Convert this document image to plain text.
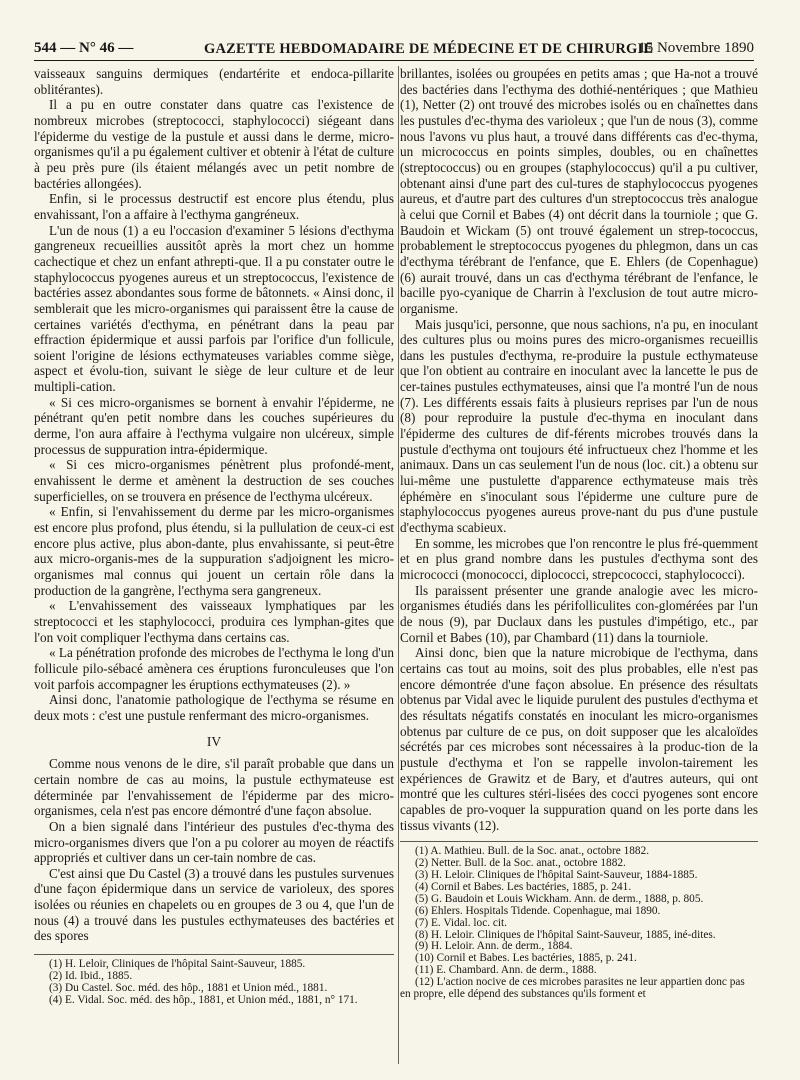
544 — N° 46 —	GAZETTE HEBDOMADAIRE DE MÉDECINE ET DE CHIRURGIE
15 Novembre 1890

vaisseaux sanguins dermiques (endartérite et endoca-pillarite oblitérantes).

Il a pu en outre constater dans quatre cas l'existence de nombreux microbes (streptococci, staphylococci) siégeant dans l'épiderme du vestige de la pustule et aussi dans le derme, micro-organismes qu'il a pu également cultiver et obtenir à l'état de culture à peu près pure (ils étaient mélangés avec un petit nombre de bactéries allongées).

Enfin, si le processus destructif est encore plus étendu, plus envahissant, l'on a affaire à l'ecthyma gangréneux.

L'un de nous (1) a eu l'occasion d'examiner 5 lésions d'ecthyma gangreneux recueillies aussitôt après la mort chez un homme cachectique et chez un enfant athrepti-que. Il a pu constater outre le staphylococcus pyogenes aureus et un streptococcus, l'existence de bactéries assez abondantes sous forme de bâtonnets. « Ainsi donc, il semblerait que les micro-organismes qui paraissent être la cause de certaines variétés d'ecthyma, en pénétrant dans la peau par effraction épidermique et aussi parfois par l'orifice d'un follicule, soient l'origine de lésions ecthymateuses variables comme siège, aspect et évolu-tion, suivant le siège de leur culture et de leur multipli-cation.

« Si ces micro-organismes se bornent à envahir l'épiderme, ne pénétrant qu'en petit nombre dans les couches supérieures du derme, l'on aura affaire à l'ecthyma vulgaire non ulcéreux, simple processus de suppuration intra-épidermique.

« Si ces micro-organismes pénètrent plus profondé-ment, envahissent le derme et amènent la destruction de ses couches superficielles, on se trouvera en présence de l'ecthyma ulcéreux.

« Enfin, si l'envahissement du derme par les micro-organismes est encore plus profond, plus étendu, si la pullulation de ceux-ci est encore plus active, plus abon-dante, plus envahissante, si peut-être aux micro-organis-mes de la suppuration s'adjoignent les micro-organismes mal connus qui jouent un certain rôle dans la production de la gangrène, l'ecthyma sera gangreneux.

« L'envahissement des vaisseaux lymphatiques par les streptococci et les staphylococci, produira ces lymphan-gites que l'on voit compliquer l'ecthyma dans certains cas.

« La pénétration profonde des microbes de l'ecthyma le long d'un follicule pilo-sébacé amènera ces éruptions furonculeuses que l'on voit parfois accompagner les éruptions ecthymateuses (2). »

Ainsi donc, l'anatomie pathologique de l'ecthyma se résume en deux mots : c'est une pustule renfermant des micro-organismes.

IV

Comme nous venons de le dire, s'il paraît probable que dans un certain nombre de cas au moins, la pustule ecthymateuse est déterminée par l'envahissement de l'épiderme par des micro-organismes, cela n'est pas encore démontré d'une façon absolue.

On a bien signalé dans l'intérieur des pustules d'ec-thyma des micro-organismes divers que l'on a pu colorer au moyen de réactifs appropriés et cultiver dans un cer-tain nombre de cas.

C'est ainsi que Du Castel (3) a trouvé dans les pustules survenues d'une façon épidermique dans un service de varioleux, des spores isolées ou réunies en chapelets ou en groupes de 3 ou 4, que l'un de nous (4) a trouvé dans les pustules ecthymateuses des bactéries et des spores

(1) H. Leloir, Cliniques de l'hôpital Saint-Sauveur, 1885.

(2) Id. Ibid., 1885.

(3) Du Castel. Soc. méd. des hôp., 1881 et Union méd., 1881.

(4) E. Vidal. Soc. méd. des hôp., 1881, et Union méd., 1881, n° 171.

brillantes, isolées ou groupées en petits amas ; que Ha-not a trouvé des bactéries dans l'ecthyma des dothié-nentériques ; que Mathieu (1), Netter (2) ont trouvé des microbes isolés ou en chaînettes dans les pustules d'ec-thyma des varioleux ; que l'un de nous (3), comme nous l'avons vu plus haut, a trouvé dans différents cas d'ec-thyma, un micrococcus en points simples, doubles, ou en chaînettes (streptococcus) ou en groupes (staphylococcus) qu'il a pu cultiver, obtenant ainsi d'une part des cul-tures de staphylococcus pyogenes aureus, et d'autre part des cultures d'un streptococcus très analogue à celui que Cornil et Babes (4) ont décrit dans la tourniole ; que G. Baudoin et Wickam (5) ont trouvé également un strep-tococcus, probablement le streptococcus pyogenes du phlegmon, dans un cas d'ecthyma térébrant de l'enfance, que E. Ehlers (de Copenhague) (6) aurait trouvé, dans un cas d'ecthyma térébrant de l'enfance, le bacille pyo-cyanique de Charrin à l'exclusion de tout autre micro-organisme.

Mais jusqu'ici, personne, que nous sachions, n'a pu, en inoculant des cultures plus ou moins pures des micro-organismes recueillis dans les pustules d'ecthyma, re-produire la pustule ecthymateuse que l'on obtient au contraire en inoculant avec la lancette le pus de cer-taines pustules ecthymateuses, ainsi que l'a montré l'un de nous (7). Les différents essais faits à plusieurs reprises par l'un de nous (8) pour reproduire la pustule d'ec-thyma en inoculant dans l'épiderme des cultures de dif-férents microbes trouvés dans la pustule d'ecthyma ont toujours été infructueux chez l'homme et les animaux. Dans un cas seulement l'un de nous (loc. cit.) a obtenu sur lui-même une pustulette d'apparence ecthymateuse mais très éphémère en s'inoculant sous l'épiderme une culture pure de staphylococcus pyogenes aureus prove-nant du pus d'une pustule d'ecthyma scabieux.

En somme, les microbes que l'on rencontre le plus fré-quemment et en plus grand nombre dans les pustules d'ecthyma sont des micrococci (monococci, diplococci, strepcococci, staphylococci).

Ils paraissent présenter une grande analogie avec les micro-organismes étudiés dans les périfolliculites con-glomérées par l'un de nous (9), par Duclaux dans les pustules d'impétigo, etc., par Cornil et Babes (10), par Chambard (11) dans la tourniole.

Ainsi donc, bien que la nature microbique de l'ecthyma, dans certains cas tout au moins, soit des plus probables, elle n'est pas encore démontrée d'une façon absolue. En présence des résultats obtenus par Vidal avec le liquide purulent des pustules d'ecthyma et des résultats négatifs constatés en inoculant les micro-organismes obtenus par culture de ce pus, on doit supposer que les alcaloïdes sécrétés par ces microbes sont nécessaires à la produc-tion de la pustule d'ecthyma et l'on se rappelle involon-tairement les expériences de Grawitz et de Bary, et d'autres auteurs, qui ont montré que les cultures stéri-lisées des cocci pyogenes sont encore capables de pro-voquer la suppuration quand on les porte dans les tissus vivants (12).

(1) A. Mathieu. Bull. de la Soc. anat., octobre 1882.

(2) Netter. Bull. de la Soc. anat., octobre 1882.

(3) H. Leloir. Cliniques de l'hôpital Saint-Sauveur, 1884-1885.

(4) Cornil et Babes. Les bactéries, 1885, p. 241.

(5) G. Baudoin et Louis Wickham. Ann. de derm., 1888, p. 805.

(6) Ehlers. Hospitals Tidende. Copenhague, mai 1890.

(7) E. Vidal. loc. cit.

(8) H. Leloir. Cliniques de l'hôpital Saint-Sauveur, 1885, iné-dites.

(9) H. Leloir. Ann. de derm., 1884.

(10) Cornil et Babes. Les bactéries, 1885, p. 241.

(11) E. Chambard. Ann. de derm., 1888.

(12) L'action nocive de ces microbes parasites ne leur appartien donc pas en propre, elle dépend des substances qu'ils forment et
